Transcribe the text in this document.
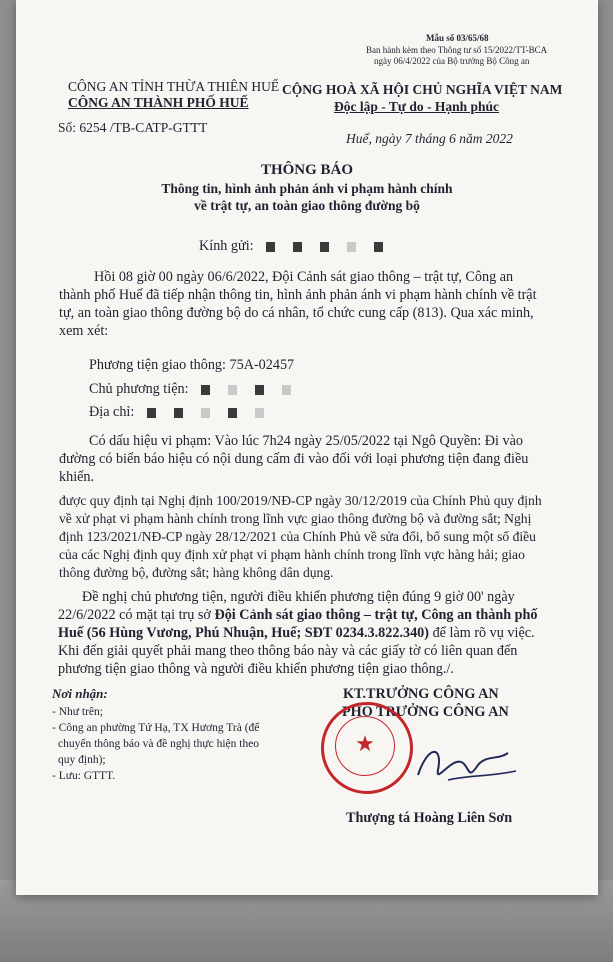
Mẫu số 03/65/68
Ban hành kèm theo Thông tư số 15/2022/TT-BCA
ngày 06/4/2022 của Bộ trưởng Bộ Công an
CÔNG AN TỈNH THỪA THIÊN HUẾ
CÔNG AN THÀNH PHỐ HUẾ
Số: 6254 /TB-CATP-GTTT
CỘNG HOÀ XÃ HỘI CHỦ NGHĨA VIỆT NAM
Độc lập - Tự do - Hạnh phúc
Huế, ngày 7 tháng 6 năm 2022
THÔNG BÁO
Thông tin, hình ảnh phản ánh vi phạm hành chính
về trật tự, an toàn giao thông đường bộ
Kính gửi:
Hồi 08 giờ 00 ngày 06/6/2022, Đội Cảnh sát giao thông – trật tự, Công an
thành phố Huế đã tiếp nhận thông tin, hình ảnh phản ánh vi phạm hành chính về trật
tự, an toàn giao thông đường bộ do cá nhân, tổ chức cung cấp (813). Qua xác minh,
xem xét:
Phương tiện giao thông: 75A-02457
Chủ phương tiện:
Địa chỉ:
Có dấu hiệu vi phạm: Vào lúc 7h24 ngày 25/05/2022 tại Ngô Quyền: Đi vào
đường có biển báo hiệu có nội dung cấm đi vào đối với loại phương tiện đang điều
khiển.
được quy định tại Nghị định 100/2019/NĐ-CP ngày 30/12/2019 của Chính Phủ quy định
về xử phạt vi phạm hành chính trong lĩnh vực giao thông đường bộ và đường sắt; Nghị
định 123/2021/NĐ-CP ngày 28/12/2021 của Chính Phủ về sửa đổi, bổ sung một số điều
của các Nghị định quy định xử phạt vi phạm hành chính trong lĩnh vực hàng hải; giao
thông đường bộ, đường sắt; hàng không dân dụng.
Đề nghị chủ phương tiện, người điều khiển phương tiện đúng 9 giờ 00' ngày
22/6/2022 có mặt tại trụ sở Đội Cảnh sát giao thông – trật tự, Công an thành phố
Huế (56 Hùng Vương, Phú Nhuận, Huế; SĐT 0234.3.822.340) để làm rõ vụ việc.
Khi đến giải quyết phải mang theo thông báo này và các giấy tờ có liên quan đến
phương tiện giao thông và người điều khiển phương tiện giao thông./.
Nơi nhận:
- Như trên;
- Công an phường Tứ Hạ, TX Hương Trà (để
chuyển thông báo và đề nghị thực hiện theo
quy định);
- Lưu: GTTT.
KT.TRƯỞNG CÔNG AN
PHÓ TRƯỞNG CÔNG AN
★
Thượng tá Hoàng Liên Sơn
